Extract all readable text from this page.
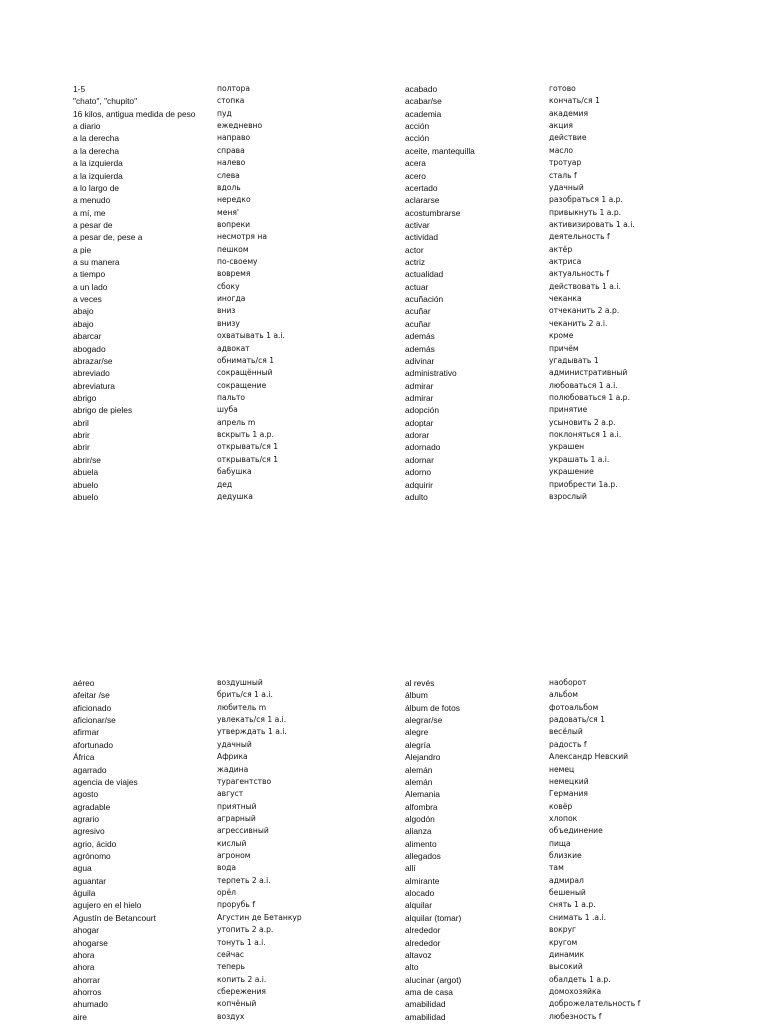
1-5	полтора	acabado	готово
"chato", "chupito"	стопка	acabar/se	кончать/ся 1
16 kilos, antigua medida de peso	пуд	academia	академия
a diario	ежедневно	acción	акция
a la derecha	направо	acción	действие
a la derecha	справа	aceite, mantequilla	масло
a la izquierda	налево	acera	тротуар
a la izquierda	слева	acero	сталь f
a lo largo de	вдоль	acertado	удачный
a menudo	нередко	aclararse	разобраться 1 a.p.
a mí, me	меня'	acostumbrarse	привыкнуть 1 a.p.
a pesar de	вопреки	activar	активизировать 1 a.i.
a pesar de, pese a	несмотря на	actividad	деятельность f
a pie	пешком	actor	актёр
a su manera	по-своему	actriz	актриса
a tiempo	вовремя	actualidad	актуальность f
a un lado	сбоку	actuar	действовать 1 a.i.
a veces	иногда	acuñación	чеканка
abajo	вниз	acuñar	отчеканить 2 a.p.
abajo	внизу	acuñar	чеканить 2 a.i.
abarcar	охватывать 1 a.i.	además	кроме
abogado	адвокат	además	причём
abrazar/se	обнимать/ся 1	adivinar	угадывать 1
abreviado	сокращённый	administrativo	административный
abreviatura	сокращение	admirar	любоваться 1 a.i.
abrigo	пальто	admirar	полюбоваться 1 a.p.
abrigo de pieles	шуба	adopción	принятие
abril	апрель m	adoptar	усыновить 2 a.p.
abrir	вскрыть 1 a.p.	adorar	поклоняться 1 a.i.
abrir	открывать/ся 1	adornado	украшен
abrir/se	открывать/ся 1	adornar	украшать 1 a.i.
abuela	бабушка	adorno	украшение
abuelo	дед	adquirir	приобрести 1a.p.
abuelo	дедушка	adulto	взрослый
aéreo	воздушный	al revés	наоборот
afeitar /se	брить/ся 1 a.i.	álbum	альбом
aficionado	любитель m	álbum de fotos	фотоальбом
aficionar/se	увлекать/ся 1 a.i.	alegrar/se	радовать/ся 1
afirmar	утверждать 1 a.i.	alegre	весёлый
afortunado	удачный	alegría	радость f
África	Африка	Alejandro	Александр Невский
agarrado	жадина	alemán	немец
agencia de viajes	турагентство	alemán	немецкий
agosto	август	Alemania	Германия
agradable	приятный	alfombra	ковёр
agrario	аграрный	algodón	хлопок
agresivo	агрессивный	alianza	объединение
agrio, ácido	кислый	alimento	пища
agrónomo	агроном	allegados	близкие
agua	вода	allí	там
aguantar	терпеть 2 a.i.	almirante	адмирал
águila	орёл	alocado	бешеный
agujero en el hielo	прорубь f	alquilar	снять 1 a.p.
Agustín de Betancourt	Агустин де Бетанкур	alquilar (tomar)	снимать 1 .a.i.
ahogar	утопить 2 a.p.	alrededor	вокруг
ahogarse	тонуть 1 a.i.	alrededor	кругом
ahora	сейчас	altavoz	динамик
ahora	теперь	alto	высокий
ahorrar	копить 2 a.i.	alucinar (argot)	обалдеть 1 a.p.
ahorros	сбережения	ama de casa	домохозяйка
ahumado	копчёный	amabilidad	доброжелательность f
aire	воздух	amabilidad	любезность f
